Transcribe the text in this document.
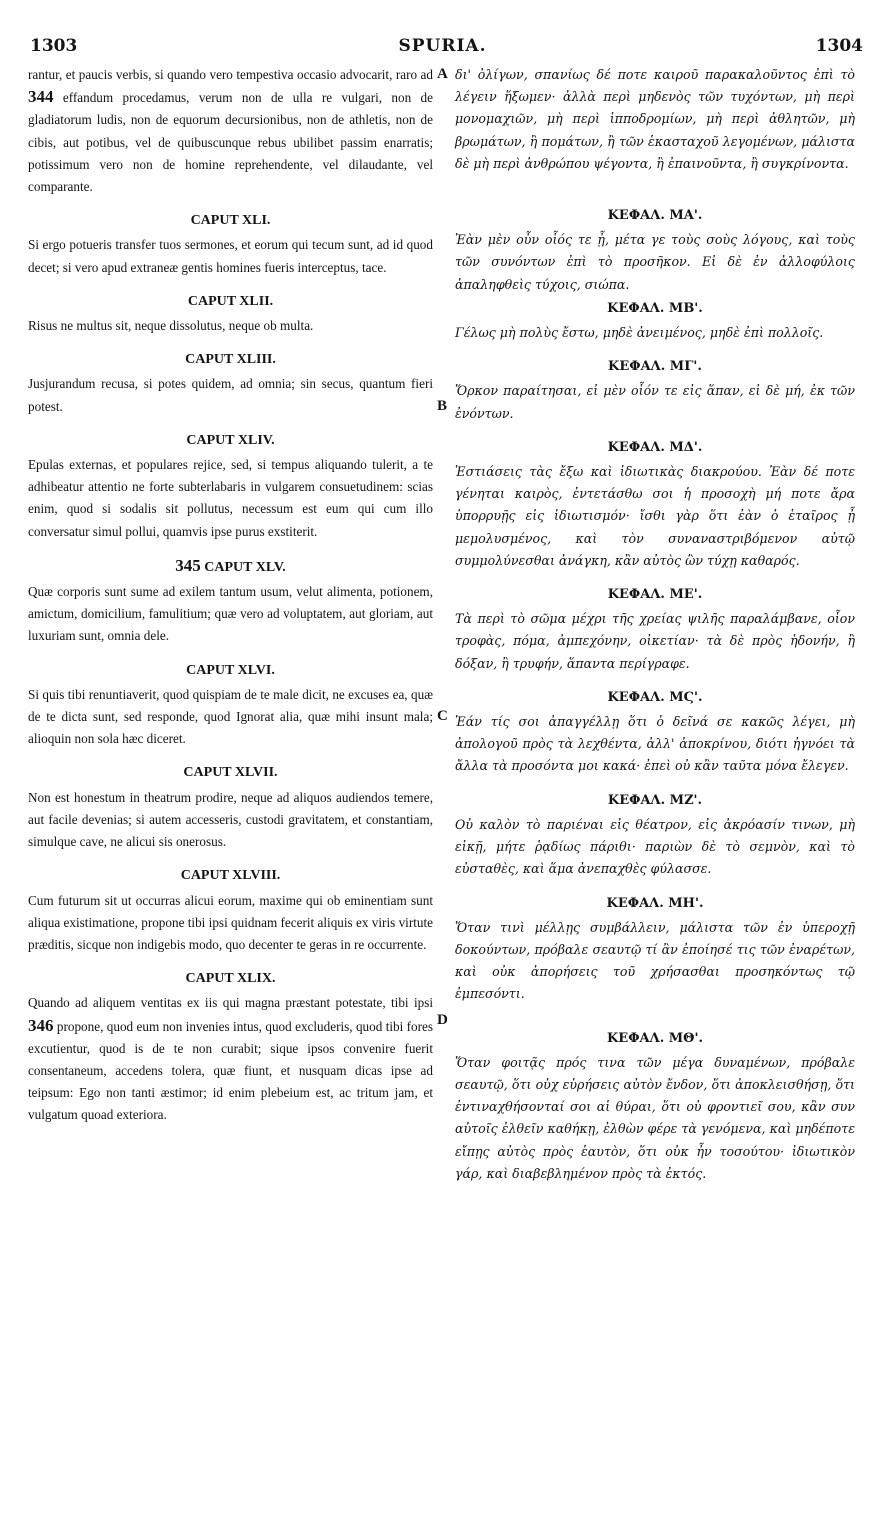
1303	SPURIA.	1304
A
B
C
D

rantur, et paucis verbis, si quando vero tempestiva occasio advocarit, raro ad 344 effandum procedamus, verum non de ulla re vulgari, non de gladiatorum ludis, non de equorum decursionibus, non de athletis, non de cibis, aut potibus, vel de quibuscunque rebus ubilibet passim enarratis; potissimum vero non de homine reprehendente, vel dilaudante, vel comparante.

CAPUT XLI.

Si ergo potueris transfer tuos sermones, et eorum qui tecum sunt, ad id quod decet; si vero apud extraneæ gentis homines fueris interceptus, tace.

CAPUT XLII.

Risus ne multus sit, neque dissolutus, neque ob multa.

CAPUT XLIII.

Jusjurandum recusa, si potes quidem, ad omnia; sin secus, quantum fieri potest.

CAPUT XLIV.

Epulas externas, et populares rejice, sed, si tempus aliquando tulerit, a te adhibeatur attentio ne forte subterlabaris in vulgarem consuetudinem: scias enim, quod si sodalis sit pollutus, necessum est eum qui cum illo conversatur simul pollui, quamvis ipse purus exstiterit.

345 CAPUT XLV.

Quæ corporis sunt sume ad exilem tantum usum, velut alimenta, potionem, amictum, domicilium, famulitium; quæ vero ad voluptatem, aut gloriam, aut luxuriam sunt, omnia dele.

CAPUT XLVI.

Si quis tibi renuntiaverit, quod quispiam de te male dicit, ne excuses ea, quæ de te dicta sunt, sed responde, quod Ignorat alia, quæ mihi insunt mala; alioquin non sola hæc diceret.

CAPUT XLVII.

Non est honestum in theatrum prodire, neque ad aliquos audiendos temere, aut facile devenias; si autem accesseris, custodi gravitatem, et constantiam, simulque cave, ne alicui sis onerosus.

CAPUT XLVIII.

Cum futurum sit ut occurras alicui eorum, maxime qui ob eminentiam sunt aliqua existimatione, propone tibi ipsi quidnam fecerit aliquis ex viris virtute præditis, sicque non indigebis modo, quo decenter te geras in re occurrente.

CAPUT XLIX.

Quando ad aliquem ventitas ex iis qui magna præstant potestate, tibi ipsi 346 propone, quod eum non invenies intus, quod excluderis, quod tibi fores excutientur, quod is de te non curabit; sique ipsos convenire fuerit consentaneum, accedens tolera, quæ fiunt, et nusquam dicas ipse ad teipsum: Ego non tanti æstimor; id enim plebeium est, ac tritum jam, et vulgatum quoad exteriora.

δι' ὀλίγων, σπανίως δέ ποτε καιροῦ παρακαλοῦντος ἐπὶ τὸ λέγειν ἥξωμεν· ἀλλὰ περὶ μηδενὸς τῶν τυχόντων, μὴ περὶ μονομαχιῶν, μὴ περὶ ἱπποδρομίων, μὴ περὶ ἀθλητῶν, μὴ βρωμάτων, ἢ πομάτων, ἢ τῶν ἑκασταχοῦ λεγομένων, μάλιστα δὲ μὴ περὶ ἀνθρώπου ψέγοντα, ἢ ἐπαινοῦντα, ἢ συγκρίνοντα.

ΚΕΦΑΛ. ΜΑ'.

Ἐὰν μὲν οὖν οἷός τε ᾖ, μέτα γε τοὺς σοὺς λόγους, καὶ τοὺς τῶν συνόντων ἐπὶ τὸ προσῆκον. Εἰ δὲ ἐν ἀλλοφύλοις ἀπαληφθεὶς τύχοις, σιώπα.

ΚΕΦΑΛ. ΜΒ'.

Γέλως μὴ πολὺς ἔστω, μηδὲ ἀνειμένος, μηδὲ ἐπὶ πολλοῖς.

ΚΕΦΑΛ. ΜΓ'.

Ὅρκον παραίτησαι, εἰ μὲν οἷόν τε εἰς ἅπαν, εἰ δὲ μή, ἐκ τῶν ἐνόντων.

ΚΕΦΑΛ. ΜΔ'.

Ἑστιάσεις τὰς ἔξω καὶ ἰδιωτικὰς διακρούου. Ἐὰν δέ ποτε γένηται καιρὸς, ἐντετάσθω σοι ἡ προσοχὴ μή ποτε ἄρα ὑπορρυῇς εἰς ἰδιωτισμόν· ἴσθι γὰρ ὅτι ἐὰν ὁ ἑταῖρος ᾖ μεμολυσμένος, καὶ τὸν συναναστριβόμενον αὐτῷ συμμολύνεσθαι ἀνάγκη, κἂν αὐτὸς ὢν τύχῃ καθαρός.

ΚΕΦΑΛ. ΜΕ'.

Τὰ περὶ τὸ σῶμα μέχρι τῆς χρείας ψιλῆς παραλάμβανε, οἷον τροφὰς, πόμα, ἀμπεχόνην, οἰκετίαν· τὰ δὲ πρὸς ἡδονήν, ἢ δόξαν, ἢ τρυφήν, ἅπαντα περίγραφε.

ΚΕΦΑΛ. ΜϚ'.

Ἐάν τίς σοι ἀπαγγέλλῃ ὅτι ὁ δεῖνά σε κακῶς λέγει, μὴ ἀπολογοῦ πρὸς τὰ λεχθέντα, ἀλλ' ἀποκρίνου, διότι ἠγνόει τὰ ἄλλα τὰ προσόντα μοι κακά· ἐπεὶ οὐ κἂν ταῦτα μόνα ἔλεγεν.

ΚΕΦΑΛ. ΜΖ'.

Οὐ καλὸν τὸ παριέναι εἰς θέατρον, εἰς ἀκρόασίν τινων, μὴ εἰκῇ, μήτε ῥᾳδίως πάριθι· παριὼν δὲ τὸ σεμνὸν, καὶ τὸ εὐσταθὲς, καὶ ἅμα ἀνεπαχθὲς φύλασσε.

ΚΕΦΑΛ. ΜΗ'.

Ὅταν τινὶ μέλλῃς συμβάλλειν, μάλιστα τῶν ἐν ὑπεροχῇ δοκούντων, πρόβαλε σεαυτῷ τί ἂν ἐποίησέ τις τῶν ἐναρέτων, καὶ οὐκ ἀπορήσεις τοῦ χρήσασθαι προσηκόντως τῷ ἐμπεσόντι.

ΚΕΦΑΛ. ΜΘ'.

Ὅταν φοιτᾷς πρός τινα τῶν μέγα δυναμένων, πρόβαλε σεαυτῷ, ὅτι οὐχ εὑρήσεις αὐτὸν ἔνδον, ὅτι ἀποκλεισθήσῃ, ὅτι ἐντιναχθήσονταί σοι αἱ θύραι, ὅτι οὐ φροντιεῖ σου, κἂν συν αὐτοῖς ἐλθεῖν καθήκῃ, ἐλθὼν φέρε τὰ γενόμενα, καὶ μηδέποτε εἴπῃς αὐτὸς πρὸς ἑαυτὸν, ὅτι οὐκ ἦν τοσούτου· ἰδιωτικὸν γάρ, καὶ διαβεβλημένον πρὸς τὰ ἐκτός.
